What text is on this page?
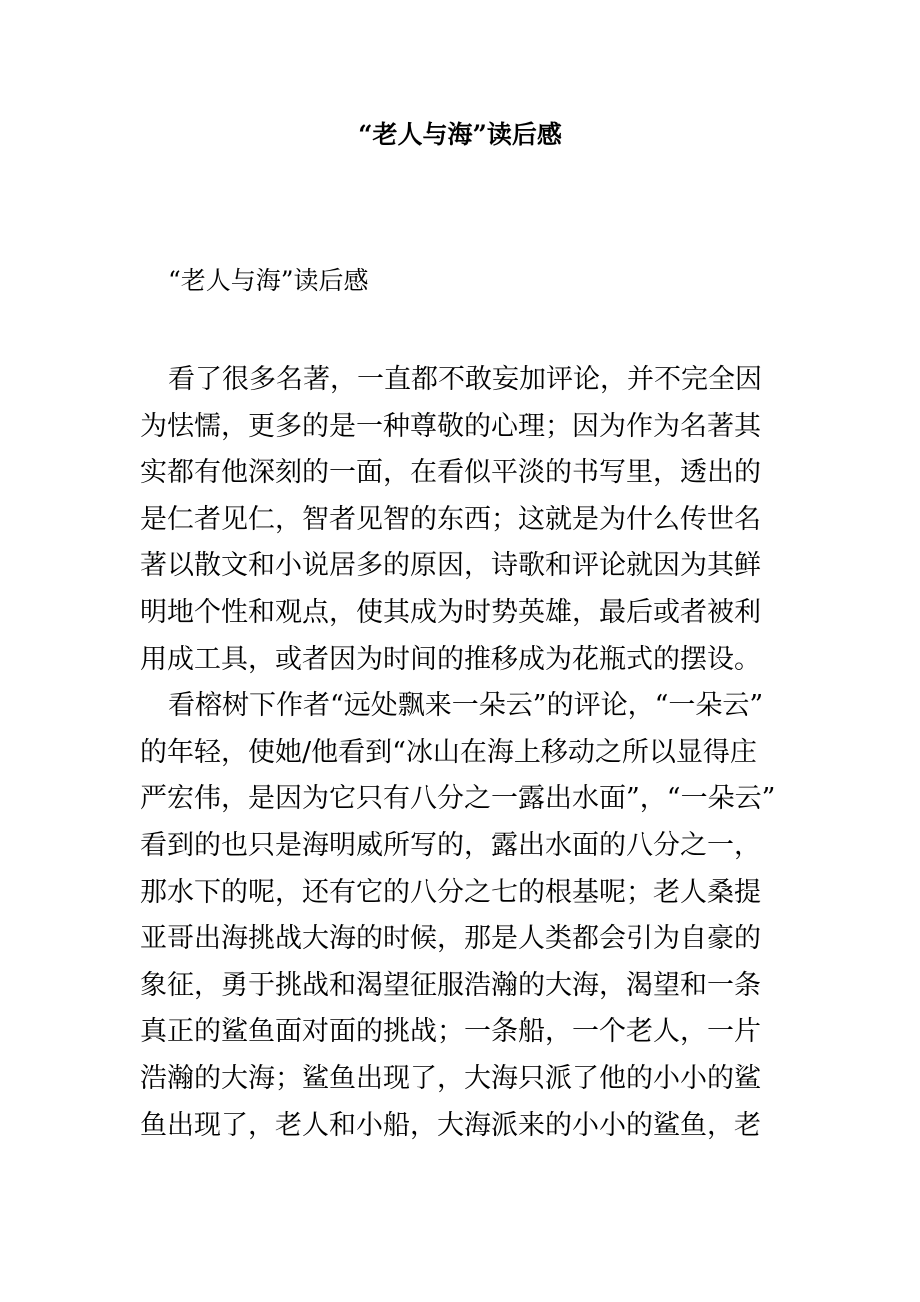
“老人与海”读后感
“老人与海”读后感
看了很多名著，一直都不敢妄加评论，并不完全因
为怯懦，更多的是一种尊敬的心理；因为作为名著其
实都有他深刻的一面，在看似平淡的书写里，透出的
是仁者见仁，智者见智的东西；这就是为什么传世名
著以散文和小说居多的原因，诗歌和评论就因为其鲜
明地个性和观点，使其成为时势英雄，最后或者被利
用成工具，或者因为时间的推移成为花瓶式的摆设。
看榕树下作者“远处飘来一朵云”的评论，“一朵云”
的年轻，使她/他看到“冰山在海上移动之所以显得庄
严宏伟，是因为它只有八分之一露出水面”，“一朵云”
看到的也只是海明威所写的，露出水面的八分之一，
那水下的呢，还有它的八分之七的根基呢；老人桑提
亚哥出海挑战大海的时候，那是人类都会引为自豪的
象征，勇于挑战和渴望征服浩瀚的大海，渴望和一条
真正的鲨鱼面对面的挑战；一条船，一个老人，一片
浩瀚的大海；鲨鱼出现了，大海只派了他的小小的鲨
鱼出现了，老人和小船，大海派来的小小的鲨鱼，老
